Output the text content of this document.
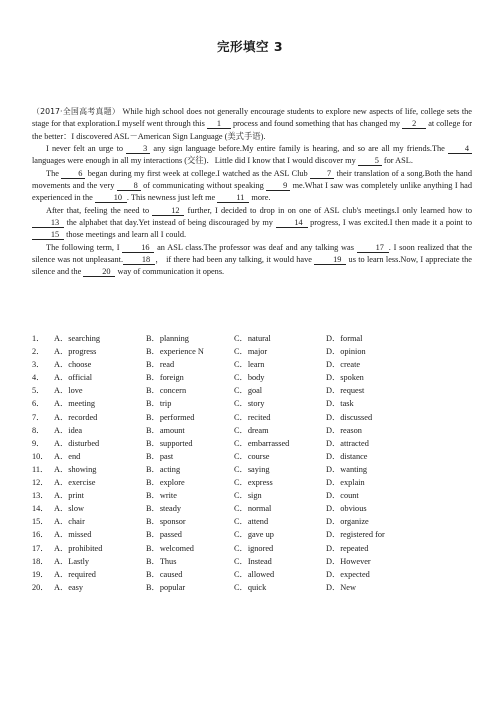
完形填空 3

（2017·全国高考真题） While high school does not generally encourage students to explore new aspects of life, college sets the stage for that exploration.I myself went through this 1 process and found something that has changed my 2 at college for the better：I discovered ASL－American Sign Language (美式手语).

I never felt an urge to 3 any sign language before.My entire family is hearing, and so are all my friends.The 4 languages were enough in all my interactions (交往)．Little did I know that I would discover my 5 for ASL.

The 6 began during my first week at college.I watched as the ASL Club 7 their translation of a song.Both the hand movements and the very 8 of communicating without speaking 9 me.What I saw was completely unlike anything I had experienced in the 10 . This newness just left me 11 more.

After that, feeling the need to 12 further, I decided to drop in on one of ASL club's meetings.I only learned how to 13 the alphabet that day.Yet instead of being discouraged by my 14 progress, I was excited.I then made it a point to 15 those meetings and learn all I could.

The following term, I 16 an ASL class.The professor was deaf and any talking was 17 . I soon realized that the silence was not unpleasant. 18 ， if there had been any talking, it would have 19 us to learn less.Now, I appreciate the silence and the 20 way of communication it opens.

1．	A．searching	B．planning	C．natural	D．formal
2．	A．progress	B．experience N	C．major	D．opinion
3．	A．choose	B．read	C．learn	D．create
4．	A．official	B．foreign	C．body	D．spoken
5．	A．love	B．concern	C．goal	D．request
6．	A．meeting	B．trip	C．story	D．task
7．	A．recorded	B．performed	C．recited	D．discussed
8．	A．idea	B．amount	C．dream	D．reason
9．	A．disturbed	B．supported	C．embarrassed	D．attracted
10． A．end	B．past	C．course	D．distance
11． A．showing	B．acting	C．saying	D．wanting
12． A．exercise	B．explore	C．express	D．explain
13． A．print	B．write	C．sign	D．count
14． A．slow	B．steady	C．normal	D．obvious
15． A．chair	B．sponsor	C．attend	D．organize
16． A．missed	B．passed	C．gave up	D．registered for
17． A．prohibited	B．welcomed	C．ignored	D．repeated
18． A．Lastly	B．Thus	C．Instead	D．However
19． A．required	B．caused	C．allowed	D．expected
20． A．easy	B．popular	C．quick	D．New
